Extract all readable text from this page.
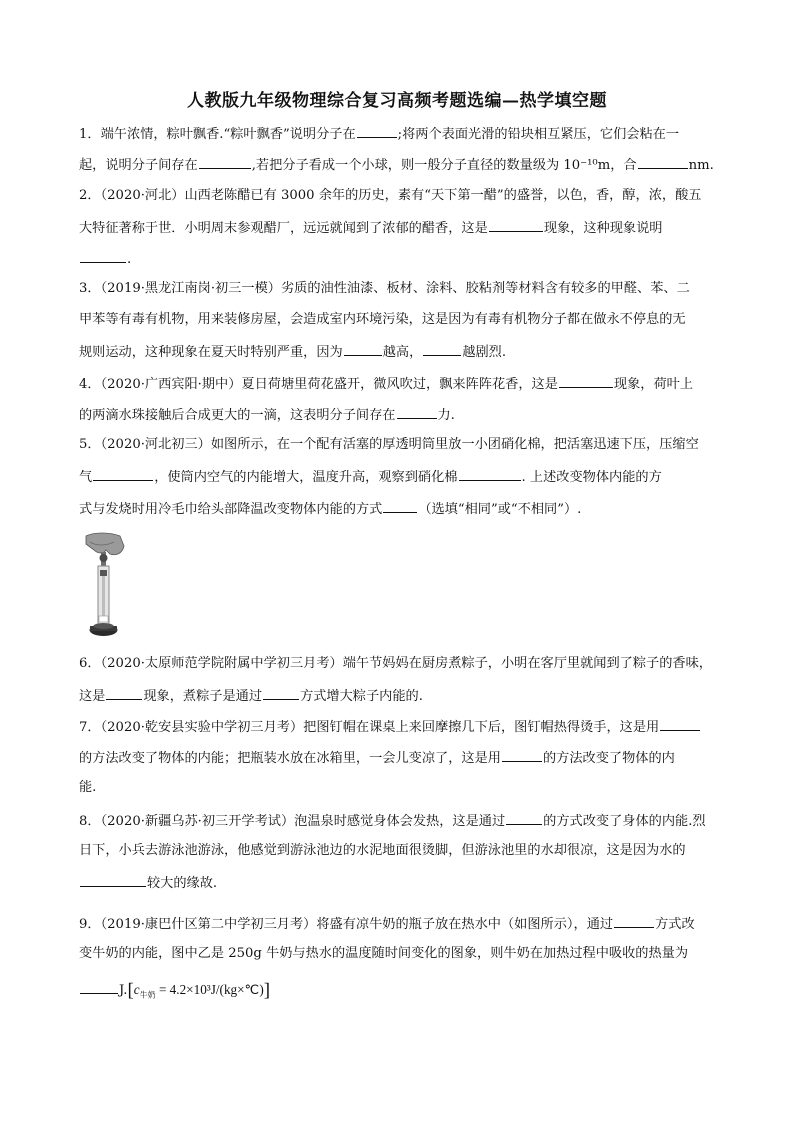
人教版九年级物理综合复习高频考题选编—热学填空题
1．端午浓情，粽叶飘香.“粽叶飘香”说明分子在	;将两个表面光滑的铅块相互紧压，它们会粘在一
起，说明分子间存在	,若把分子看成一个小球，则一般分子直径的数量级为 10⁻¹⁰m，合	nm.
2．（2020·河北）山西老陈醋已有 3000 余年的历史，素有“天下第一醋”的盛誉，以色，香，醇，浓，酸五
大特征著称于世．小明周末参观醋厂，远远就闻到了浓郁的醋香，这是	现象，这种现象说明
.
3．（2019·黑龙江南岗·初三一模）劣质的油性油漆、板材、涂料、胶粘剂等材料含有较多的甲醛、苯、二
甲苯等有毒有机物，用来装修房屋，会造成室内环境污染，这是因为有毒有机物分子都在做永不停息的无
规则运动，这种现象在夏天时特别严重，因为	越高，	越剧烈.
4．（2020·广西宾阳·期中）夏日荷塘里荷花盛开，微风吹过，飘来阵阵花香，这是	现象，荷叶上
的两滴水珠接触后合成更大的一滴，这表明分子间存在	力.
5．（2020·河北初三）如图所示，在一个配有活塞的厚透明筒里放一小团硝化棉，把活塞迅速下压，压缩空
气	，使筒内空气的内能增大，温度升高，观察到硝化棉	. 上述改变物体内能的方
式与发烧时用冷毛巾给头部降温改变物体内能的方式	（选填“相同”或“不相同”）.
6．（2020·太原师范学院附属中学初三月考）端午节妈妈在厨房煮粽子，小明在客厅里就闻到了粽子的香味，
这是	现象，煮粽子是通过	方式增大粽子内能的.
7．（2020·乾安县实验中学初三月考）把图钉帽在课桌上来回摩擦几下后，图钉帽热得烫手，这是用
的方法改变了物体的内能；把瓶装水放在冰箱里，一会儿变凉了，这是用	的方法改变了物体的内
能.
8．（2020·新疆乌苏·初三开学考试）泡温泉时感觉身体会发热，这是通过	的方式改变了身体的内能.烈
日下，小兵去游泳池游泳，他感觉到游泳池边的水泥地面很烫脚，但游泳池里的水却很凉，这是因为水的
较大的缘故.
9．（2019·康巴什区第二中学初三月考）将盛有凉牛奶的瓶子放在热水中（如图所示），通过	方式改
变牛奶的内能，图中乙是 250g 牛奶与热水的温度随时间变化的图象，则牛奶在加热过程中吸收的热量为
$J.[c_{牛奶}$ = 4.2×10³J/(kg×℃)]
